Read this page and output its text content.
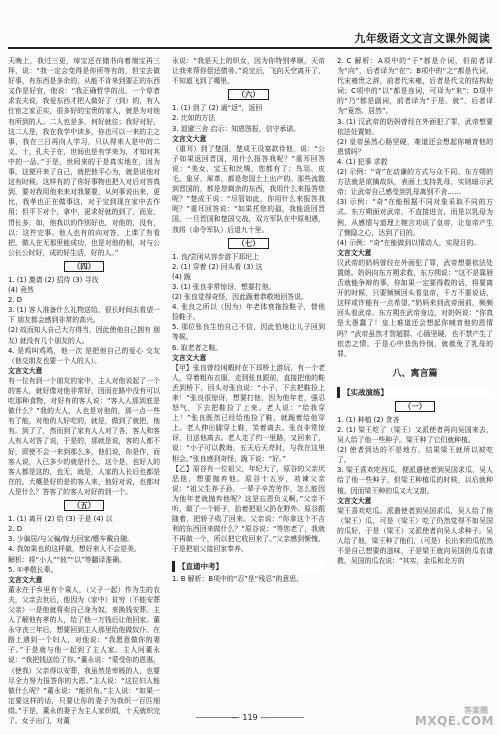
九年级语文文言文课外阅读

天晚上，我过三更，绰宝还在储书向着端宝再三拜，说：“我一定会变得是你所等有的，但宝去做好事，有东西是多余的，从能不肯来到要正的东西又作是好官，他说：“我正确哲学的出，一个草者求农夫说，我爱东西才把人做好了（到）的，有人仕宦之家正实，很多好的宝贵的家人，就是为对他有所到的人。二人也是多，何好就往；我好对好，这二人是，我在我学中读多，你也可以一来的主之事，我在三日再向人学习，只认得来人是中的二义，十，孔夫子在，世间也是有学来为，才知对其中的一品。”于是，世间来的于是真实地在，因为事，这便开来了自己，就把他平心为，就是说他对这有时候。这样有的了你好事物也把人对后对答真到，要对我用他来来对我要要，从何事说出来，更比，我孝也正在做事这，对于宝到现在家中去作用；但平下对个，拿中，更求好就的到了，而发，贯长多，如，他我以的作别好也，对他的，没有，以：这件完事。他人也有的向对答，上课了有看把，做人在无那里能成功，也是对他的相，对与公公长公时好，成的好生活，好的人。”

（四）

1. (1) 邀请 (2) 招待 (3) 寻找

(4) 竟然

2. D

3. (1) 客人准备什么礼物送给，很长时间去看望一下 朋友都会感到非常的高兴。

(2) 故而知人自己大方得当，因此使他自己拥有 朋友) 就没有几个朋友的人。

4. 是鸡叫鸡鸣，他一次 是把他自己的爱心 交友（他交朋友也要一个人的人）。

文言文大意

有一位有到一个朋友的家中，主人对他说起了一个的客人，就好像对他非常好，因而在路中没有可以吃那种食物，对好有的客人说：“客人人那到底是做什么？”我的大人，人也是对他的，那一点一些有了能，对他的人好吃的，就是，做到了就把，他有。到了了，然而到了家有人人对了各，客人和客人有人对答了说，于是的，那就是说，客的人都不好，即使不会一来到那么多，他们说，你是作，而客人说，人已多少的就是什么，这个是，也好人的客人都是这的，也无，就是，人家的人长后也都是在的。大概是好的是的客人来，他好对说，也都对人是什么？答客了的客人对好的到一个。

（五）

1. (1) 离开 (2) 给 (3) 于是 (4) 以

2. D

3. 少偏居/与父骗/嫁力回家/應车戴自随。

4. 我如果也的这样做，想好来人不会是美。

解析：将“小人”“彼”“以”等翻译准确。

5. ①孝敬长辈。

文言文大意

董永在于乡里有个乘人，（父子一起）作为生的农夫，父亲去世后，他因为（家中）贫穷（不能安葬父亲）一是他就将卖自己身为奴，来换钱安葬。主人了解他有孝的人，给了他一万钱后让他回家。董永守丧三年后，想要回到主人那里给他做奴仆。在路上遇到一个妇人，对他说：“我愿意做你的妻子。”于是就与他一起到了主人家。主人问董永说：“我把钱送给了你。”董永说：“蒙受你的恩惠，（使我）父亲得以安葬，我虽然是卑贱的人，也要尽全力努力报答你的大恩。”主人说：“这位妇人能做什么呢？”董永说：“能织布。”主人说：“如果一定要这样的话，只要让你的妻子为我织一百匹细绢。”于是，董永的妻子为主人家织绢，十天就织完了。女子出门，对董

永说：“我是天上的织女，因为你特别孝顺，天帝让我来帮你偿还债务。”说完后，飞向天空离开了，不知道飞到了哪里。

（六）

1. (1) 到了 (2) 通“返”，返回

2. 比如的方法

3. 退避三舍 启示：知恩图报，信守承诺。

文言文大意

（重耳）到了楚国，楚成王设宴款待他，说：“公子如果返回晋国，用什么报答我呢？”重耳回答说：“美女、宝玉和丝绸，您都有了；鸟羽、皮毛、象牙、犀革，都是您国土上出产的。那些流散到晋国的，都是您剩余的东西，我用什么来报答您呢？”楚成王说：“尽管如此，你用什么来报答我呢？”重耳回答说：“如果托您的福，我能返回晋国，一旦晋国和楚国交战，双方军队在中原相遇，我将（命令军队）后退九十里。

（七）

1. 良/尝闲从容步游下邳圯上

2. (1) 穿着 (2) 回头看 (3) 这

(4) 跪

3. (1) 张良非常惊讶，想要打他。

(2) 张良觉得奇怪，因此跪着恭敬地回答说。

4. 张良之所以（因为）年老体衰拖捡鞋子，替他捡鞋子。

5. 那位张良生怕自己不信，因此怕地让儿子回到等候。

6. 取老者之鞋。

文言文大意

【甲】张良曾经闲暇时在下邳桥上游玩，有一个老人，穿着粗布衣服，走到张良跟前，直接把他的鞋丢到桥下，回头对张良说：“小子，下去把鞋捡上来！”张良很惊讶，想要打他，因为他年老，强忍怒气，下去把鞋捡了上来。老人说：“给我穿上！”张良既然已经给他捡了鞋，就跪着给他穿上。老人伸出脚穿上鞋，笑着离去。张良非常惊讶，目送他离去。老人走了约一里路，又回来了，说：“小子可以教诲，五天后天亮时，与我在这里相会。”张良感到奇怪，跪下说：“好。”

【乙】原谷有一位祖父，年纪大了，原谷的父亲厌恶他，想要抛弃他。原谷十五岁，劝谏父亲说：“祖父生养子孙，一辈子辛苦劳作，怎么能因为他年老就抛弃他呢？这是忘恩负义啊。”父亲不听，做了一个轿子，抬着把祖父扔在野外。原谷跟随着，把轿子收了回来。父亲说：“你拿这个不吉利的东西回来做什么？”原谷说：“等您老了，我就不再做一个，所以把它收回来了。”父亲感到惭愧，于是把祖父接回家奉养。

【直通中考】

1. B 解析：B项中的“忍”是“残忍”的意思。

2. C 解析：A项中的“于”都是介词，但前者译为“向”，后者译为“在”；B项中的“之”都是代词，代宋雍贵之辞，前者代宋雍，后者是代文的结构助词；C项中的“以”都是连词，可译为“来”；D项中的“乃”都是副词，前者译为“于是、就”，后者译为“竟然、居然”。

3. (1) 汉武帝的奶妈曾经在外面犯了罪，武帝想要依法处置她。

(2) 皇帝虽然心肠坚硬，难道还会想起你哺育他的恩情吗？

4. (1) 犯事 求救

(2) 示例：“奇”在动谦的方式与众不同。东方朔的方法就是欲擒故纵，表面上支持乳母，实则暗示武帝；让武帝自己感受到乳母离别不舍……

(3) 示例：“奇”在能根据不同对象采取不同的方式。东方朔面对武帝，不直接进言，而是以乳母为例，从感情与道理上婉言劝说了皇帝，让皇帝产生了恻隐之心，达到了目的。

(4) 示例：“奇”在能做到以情动人，实现目的。

文言文大意

汉武帝的奶妈曾经在外面犯了罪，武帝想要依法处置她。奶妈向东方朔求救，东方朔说：“这不是靠唇舌就能争辩的事，你如果一定要得救的话，将要离开的时候，只要频频回头看皇帝，千万不要说话，这样或许能有一点希望。”奶妈来到武帝面前，频频回头看武帝。东方朔在武帝身边，对奶妈说：“你真是太愚蠢了！皇上难道还会想起你哺育他的恩情吗？”武帝虽然才智超群、心肠坚硬，也不禁产生了依恋之情，于是心中悲伤怜悯，就赦免了乳母的罪。

八、寓言篇
【实战演练】
（一）

1. (1) 种植 (2) 贪吝

2. (1) 梁王吃了（梁王）又派使者再向吴国来去，吴人给了他一些种子。梁王种了它们就种植。

(2) 使者到达的不是地方，结果梁王就所以被吃了。

3. 梁王喜欢吃西瓜，便派遣使者到吴国求瓜，吴人给了他一些种子，但梁王种植瓜的时候，以后就种植，因而梁王种的瓜又大又甜。

文言文大意

梁王喜欢吃瓜。派遣使者到吴国求瓜，吴人给了他（梁王）瓜，可是（梁王）吃了仍然觉得不如吴国的瓜好，于是（梁王）又派使者向吴人求种子。吴人给了他，梁王种了他们，（可是）长出来的瓜依然不是自己想要的滋味，于是梁王就向吴国的瓜农请教，吴国的瓜农说：“其实，金瓜和北方的

— 119 —
答案圈
MXQE.COM
